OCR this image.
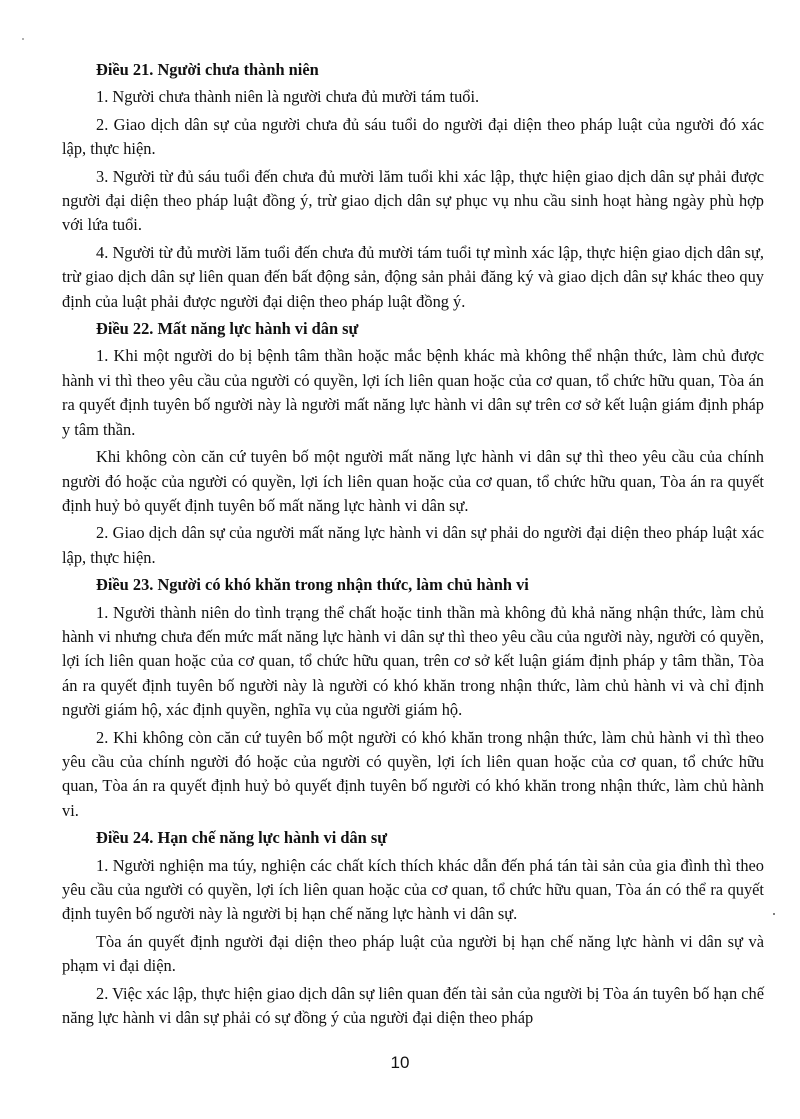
Điều 21. Người chưa thành niên

1. Người chưa thành niên là người chưa đủ mười tám tuổi.

2. Giao dịch dân sự của người chưa đủ sáu tuổi do người đại diện theo pháp luật của người đó xác lập, thực hiện.

3. Người từ đủ sáu tuổi đến chưa đủ mười lăm tuổi khi xác lập, thực hiện giao dịch dân sự phải được người đại diện theo pháp luật đồng ý, trừ giao dịch dân sự phục vụ nhu cầu sinh hoạt hàng ngày phù hợp với lứa tuổi.

4. Người từ đủ mười lăm tuổi đến chưa đủ mười tám tuổi tự mình xác lập, thực hiện giao dịch dân sự, trừ giao dịch dân sự liên quan đến bất động sản, động sản phải đăng ký và giao dịch dân sự khác theo quy định của luật phải được người đại diện theo pháp luật đồng ý.

Điều 22. Mất năng lực hành vi dân sự

1. Khi một người do bị bệnh tâm thần hoặc mắc bệnh khác mà không thể nhận thức, làm chủ được hành vi thì theo yêu cầu của người có quyền, lợi ích liên quan hoặc của cơ quan, tổ chức hữu quan, Tòa án ra quyết định tuyên bố người này là người mất năng lực hành vi dân sự trên cơ sở kết luận giám định pháp y tâm thần.

Khi không còn căn cứ tuyên bố một người mất năng lực hành vi dân sự thì theo yêu cầu của chính người đó hoặc của người có quyền, lợi ích liên quan hoặc của cơ quan, tổ chức hữu quan, Tòa án ra quyết định huỷ bỏ quyết định tuyên bố mất năng lực hành vi dân sự.

2. Giao dịch dân sự của người mất năng lực hành vi dân sự phải do người đại diện theo pháp luật xác lập, thực hiện.

Điều 23. Người có khó khăn trong nhận thức, làm chủ hành vi

1. Người thành niên do tình trạng thể chất hoặc tinh thần mà không đủ khả năng nhận thức, làm chủ hành vi nhưng chưa đến mức mất năng lực hành vi dân sự thì theo yêu cầu của người này, người có quyền, lợi ích liên quan hoặc của cơ quan, tổ chức hữu quan, trên cơ sở kết luận giám định pháp y tâm thần, Tòa án ra quyết định tuyên bố người này là người có khó khăn trong nhận thức, làm chủ hành vi và chỉ định người giám hộ, xác định quyền, nghĩa vụ của người giám hộ.

2. Khi không còn căn cứ tuyên bố một người có khó khăn trong nhận thức, làm chủ hành vi thì theo yêu cầu của chính người đó hoặc của người có quyền, lợi ích liên quan hoặc của cơ quan, tổ chức hữu quan, Tòa án ra quyết định huỷ bỏ quyết định tuyên bố người có khó khăn trong nhận thức, làm chủ hành vi.

Điều 24. Hạn chế năng lực hành vi dân sự

1. Người nghiện ma túy, nghiện các chất kích thích khác dẫn đến phá tán tài sản của gia đình thì theo yêu cầu của người có quyền, lợi ích liên quan hoặc của cơ quan, tổ chức hữu quan, Tòa án có thể ra quyết định tuyên bố người này là người bị hạn chế năng lực hành vi dân sự.

Tòa án quyết định người đại diện theo pháp luật của người bị hạn chế năng lực hành vi dân sự và phạm vi đại diện.

2. Việc xác lập, thực hiện giao dịch dân sự liên quan đến tài sản của người bị Tòa án tuyên bố hạn chế năng lực hành vi dân sự phải có sự đồng ý của người đại diện theo pháp

10
